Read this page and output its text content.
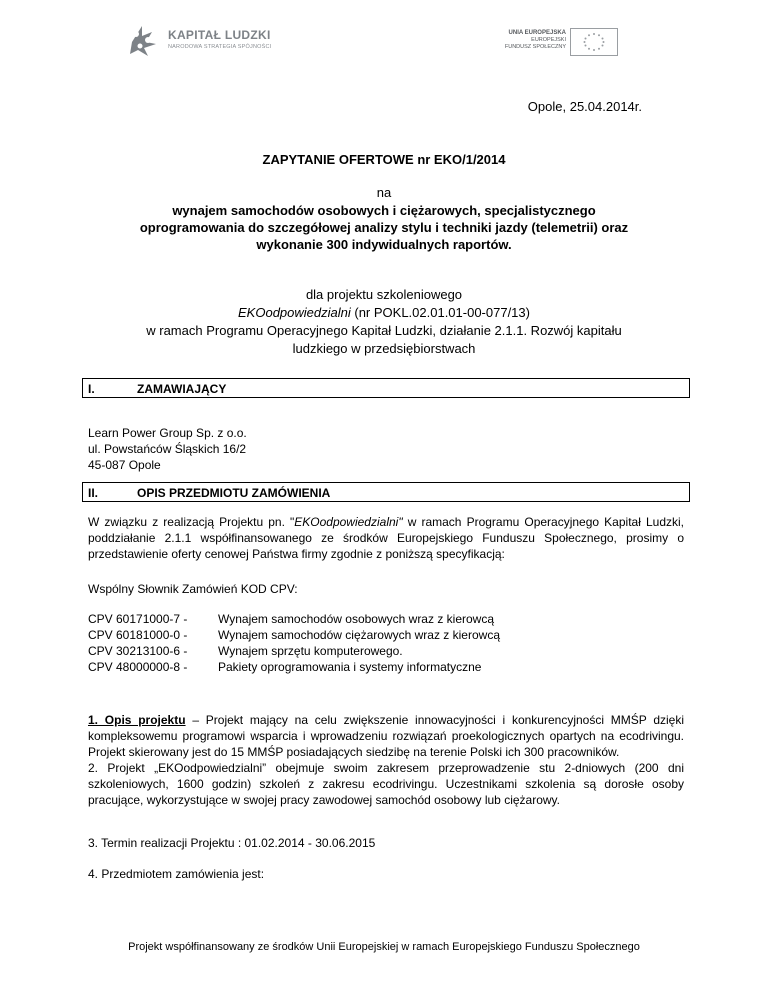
KAPITAŁ LUDZKI
NARODOWA STRATEGIA SPÓJNOŚCI
UNIA EUROPEJSKA
EUROPEJSKI
FUNDUSZ SPOŁECZNY
Opole, 25.04.2014r.
ZAPYTANIE OFERTOWE nr EKO/1/2014
na
wynajem samochodów osobowych i ciężarowych, specjalistycznego
oprogramowania do szczegółowej analizy stylu i techniki jazdy (telemetrii) oraz
wykonanie 300 indywidualnych raportów.
dla projektu szkoleniowego
EKOodpowiedzialni (nr POKL.02.01.01-00-077/13)
w ramach Programu Operacyjnego Kapitał Ludzki, działanie 2.1.1. Rozwój kapitału
ludzkiego w przedsiębiorstwach
I.	ZAMAWIAJĄCY
Learn Power Group Sp. z o.o.
ul. Powstańców Śląskich 16/2
45-087 Opole
II.	OPIS PRZEDMIOTU ZAMÓWIENIA
W związku z realizacją Projektu pn. "EKOodpowiedzialni" w ramach Programu Operacyjnego Kapitał Ludzki, poddziałanie 2.1.1 współfinansowanego ze środków Europejskiego Funduszu Społecznego, prosimy o przedstawienie oferty cenowej Państwa firmy zgodnie z poniższą specyfikacją:
Wspólny Słownik Zamówień KOD CPV:
CPV 60171000-7 -	Wynajem samochodów osobowych wraz z kierowcą
CPV 60181000-0 -	Wynajem samochodów ciężarowych wraz z kierowcą
CPV 30213100-6 -	Wynajem sprzętu komputerowego.
CPV 48000000-8 -	Pakiety oprogramowania i systemy informatyczne
1. Opis projektu – Projekt mający na celu zwiększenie innowacyjności i konkurencyjności MMŚP dzięki kompleksowemu programowi wsparcia i wprowadzeniu rozwiązań proekologicznych opartych na ecodrivingu. Projekt skierowany jest do 15 MMŚP posiadających siedzibę na terenie Polski ich 300 pracowników.
2. Projekt „EKOodpowiedzialni” obejmuje swoim zakresem przeprowadzenie stu 2-dniowych (200 dni szkoleniowych, 1600 godzin) szkoleń z zakresu ecodrivingu. Uczestnikami szkolenia są dorosłe osoby pracujące, wykorzystujące w swojej pracy zawodowej samochód osobowy lub ciężarowy.
3. Termin realizacji Projektu : 01.02.2014 - 30.06.2015
4. Przedmiotem zamówienia jest:
Projekt współfinansowany ze środków Unii Europejskiej w ramach Europejskiego Funduszu Społecznego
